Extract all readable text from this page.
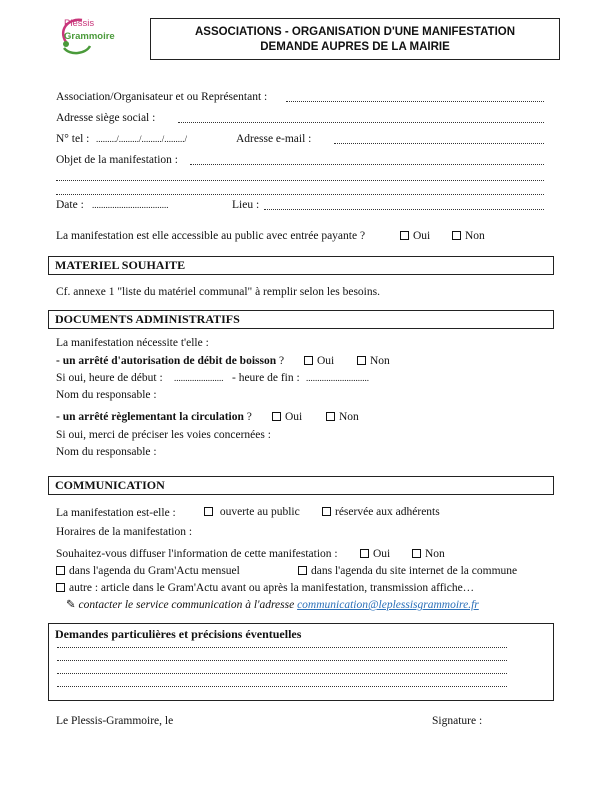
Plessis
Grammoire	ASSOCIATIONS - ORGANISATION D'UNE MANIFESTATION
DEMANDE AUPRES DE LA MAIRIE
Association/Organisateur et ou Représentant :
Adresse siège social :
N° tel : ........./........./........./........./	Adresse e-mail :
Objet de la manifestation :
Date : ..................................	Lieu :
La manifestation est elle accessible au public avec entrée payante ?	Oui	Non
MATERIEL SOUHAITE
Cf. annexe 1 "liste du matériel communal" à remplir selon les besoins.
DOCUMENTS ADMINISTRATIFS
La manifestation nécessite t'elle :
- un arrêté d'autorisation de débit de boisson ?	Oui	Non
Si oui, heure de début : ...................... - heure de fin : ............................
Nom du responsable :
- un arrêté règlementant la circulation ?	Oui	Non
Si oui, merci de préciser les voies concernées :
Nom du responsable :
COMMUNICATION
La manifestation est-elle :	ouverte au public	réservée aux adhérents
Horaires de la manifestation :
Souhaitez-vous diffuser l'information de cette manifestation :	Oui	Non
dans l'agenda du Gram'Actu mensuel	dans l'agenda du site internet de la commune
autre : article dans le Gram'Actu avant ou après la manifestation, transmission affiche…
✎ contacter le service communication à l'adresse communication@leplessisgrammoire.fr
Demandes particulières et précisions éventuelles
Le Plessis-Grammoire, le	Signature :
